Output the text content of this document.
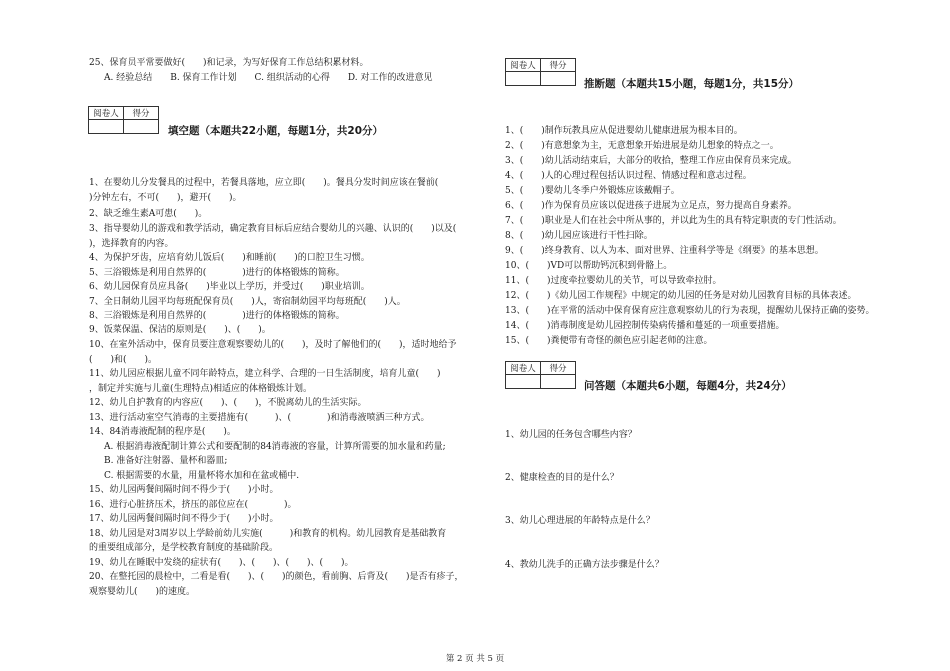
25、保育员平常要做好(　　)和记录，为写好保育工作总结积累材料。
A. 经验总结　　B. 保育工作计划　　C. 组织活动的心得　　D. 对工作的改进意见
阅卷人	得分

填空题（本题共22小题，每题1分，共20分）
1、在婴幼儿分发餐具的过程中，若餐具落地，应立即(　　)。餐具分发时间应该在餐前(
)分钟左右，不可(　　)，避开(　　)。
2、缺乏维生素A可患(　　)。
3、指导婴幼儿的游戏和教学活动，确定教育目标后应结合婴幼儿的兴趣、认识的(　　)以及(
)，选择教育的内容。
4、为保护牙齿，应培育幼儿饭后(　　)和睡前(　　)的口腔卫生习惯。
5、三浴锻炼是利用自然界的(　　　　)进行的体格锻炼的简称。
6、幼儿园保育员应具备(　　)毕业以上学历，并受过(　　)职业培训。
7、全日制幼儿园平均每班配保育员(　　)人，寄宿制幼园平均每班配(　　)人。
8、三浴锻炼是利用自然界的(　　　　)进行的体格锻炼的简称。
9、饭菜保温、保洁的原则是(　　)、(　　)。
10、在室外活动中，保育员要注意观察婴幼儿的(　　)，及时了解他们的(　　)，适时地给予
(　　)和(　　)。
11、幼儿园应根据儿童不同年龄特点，建立科学、合理的一日生活制度，培育儿童(　　)
，制定并实施与儿童(生理特点)相适应的体格锻炼计划。
12、幼儿自护教育的内容应(　　)、(　　)，不脱离幼儿的生活实际。
13、进行活动室空气消毒的主要措施有(　　　)、(　　　　)和消毒液喷洒三种方式。
14、84消毒液配制的程序是(　　)。
A. 根据消毒液配制计算公式和要配制的84消毒液的容量，计算所需要的加水量和药量;
B. 准备好注射器、量杯和器皿;
C. 根据需要的水量，用量杯将水加和在盆或桶中.
15、幼儿园两餐间隔时间不得少于(　　)小时。
16、进行心脏挤压术，挤压的部位应在(　　　　)。
17、幼儿园两餐间隔时间不得少于(　　)小时。
18、幼儿园是对3周岁以上学龄前幼儿实施(　　　)和教育的机构。幼儿园教育是基础教育
的重要组成部分，是学校教育制度的基础阶段。
19、幼儿在睡眠中发绕的症状有(　　)、(　　)、(　　)、(　　)。
20、在整托园的晨检中，二看是看(　　)、(　　)的颜色，看前胸、后背及(　　)是否有疹子，
观察婴幼儿(　　)的速度。
阅卷人	得分

推断题（本题共15小题，每题1分，共15分）
1、(　　)制作玩教具应从促进婴幼儿健康进展为根本目的。
2、(　　)有意想象为主，无意想象开始进展是幼儿想象的特点之一。
3、(　　)幼儿活动结束后，大部分的收拾，整理工作应由保育员来完成。
4、(　　)人的心理过程包括认识过程、情感过程和意志过程。
5、(　　)婴幼儿冬季户外锻炼应该戴帽子。
6、(　　)作为保育员应该以促进孩子进展为立足点，努力提高自身素养。
7、(　　)职业是人们在社会中所从事的，并以此为生的具有特定职责的专门性活动。
8、(　　)幼儿园应该进行干性扫除。
9、(　　)终身教育、以人为本、面对世界、注重科学等是《纲要》的基本思想。
10、(　　)VD可以帮助钙沉积到骨骼上。
11、(　　)过度牵拉婴幼儿的关节，可以导致牵拉肘。
12、(　　)《幼儿园工作规程》中规定的幼儿园的任务是对幼儿园教育目标的具体表述。
13、(　　)在平常的活动中保育保育应注意观察幼儿的行为表现，提醒幼儿保持正确的姿势。
14、(　　)消毒制度是幼儿园控制传染病传播和蔓延的一项重要措施。
15、(　　)粪便带有奇怪的颜色应引起老师的注意。
阅卷人	得分

问答题（本题共6小题，每题4分，共24分）
1、幼儿园的任务包含哪些内容？
2、健康检查的目的是什么？
3、幼儿心理进展的年龄特点是什么？
4、教幼儿洗手的正确方法步骤是什么？
第 2 页 共 5 页
